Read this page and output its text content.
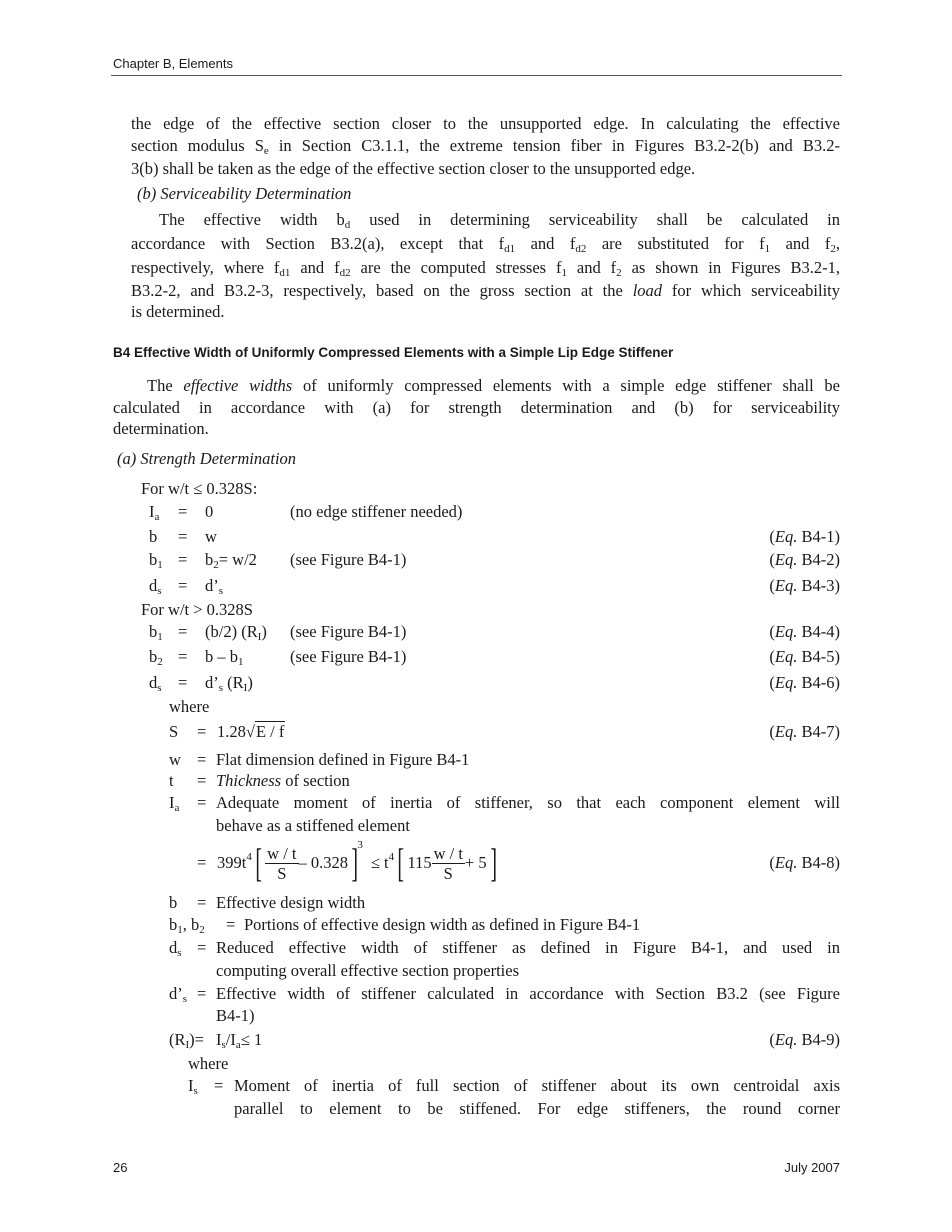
Chapter B, Elements
the edge of the effective section closer to the unsupported edge. In calculating the effective
section modulus $S_e$ in Section C3.1.1, the extreme tension fiber in Figures B3.2-2(b) and B3.2-
3(b) shall be taken as the edge of the effective section closer to the unsupported edge.
(b) Serviceability Determination
The effective width $b_d$ used in determining serviceability shall be calculated in
accordance with Section B3.2(a), except that $f_{d1}$ and $f_{d2}$ are substituted for $f_1$ and $f_2$,
respectively, where $f_{d1}$ and $f_{d2}$ are the computed stresses $f_1$ and $f_2$ as shown in Figures B3.2-1,
B3.2-2, and B3.2-3, respectively, based on the gross section at the load for which serviceability
is determined.
B4 Effective Width of Uniformly Compressed Elements with a Simple Lip Edge Stiffener
The effective widths of uniformly compressed elements with a simple edge stiffener shall be
calculated in accordance with (a) for strength determination and (b) for serviceability
determination.
(a) Strength Determination
For w/t ≤ 0.328S:
$I_a = 0$	(no edge stiffener needed)
b = w	(Eq. B4-1)
$b_1 = b_2= w/2$ (see Figure B4-1)	(Eq. B4-2)
$d_s$ = $d’_s$	(Eq. B4-3)
For w/t > 0.328S
$b_1 = (b/2)$ $(R_I)$ (see Figure B4-1)	(Eq. B4-4)
$b_2 = b - b_1$	(see Figure B4-1)	(Eq. B4-5)
$d_s$ = $d’_s$ $(R_I)$	(Eq. B4-6)
where
S = 1.28√E / f	(Eq. B4-7)
w = Flat dimension defined in Figure B4-1
t = Thickness of section
$I_a$ = Adequate moment of inertia of stiffener, so that each component element will
behave as a stiffened element
= $399t^4$ [ $\frac{w / t}{S} - 0.328$ ]$^3$
≤ $t^4$ [ $115 \frac{w / t}{S} + 5$ ]	(Eq. B4-8)
b = Effective design width
$b_1$, $b_2$ = Portions of effective design width as defined in Figure B4-1
$d_s$ = Reduced effective width of stiffener as defined in Figure B4-1, and used in
computing overall effective section properties
$d’_s$ = Effective width of stiffener calculated in accordance with Section B3.2 (see Figure
B4-1)
$(R_I)= I_s/I_a\le 1$	(Eq. B4-9)
where
$I_s$ = Moment of inertia of full section of stiffener about its own centroidal axis
parallel to element to be stiffened. For edge stiffeners, the round corner
26	July 2007
